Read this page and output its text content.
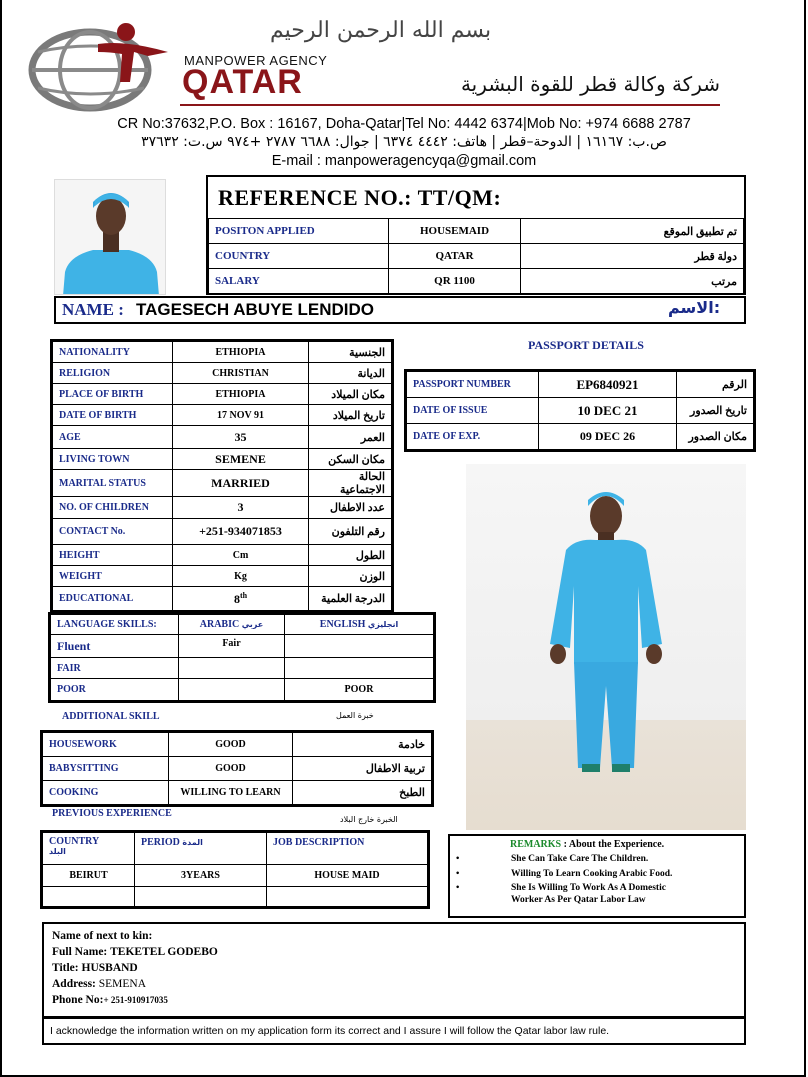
بسم الله الرحمن الرحيم
MANPOWER AGENCY
QATAR	شركة وكالة قطر للقوة البشرية
CR No:37632,P.O. Box : 16167, Doha-Qatar|Tel No: 4442 6374|Mob No: +974 6688 2787
ص.ب: ١٦١٦٧ | الدوحة–قطر | هاتف: ٤٤٤٢ ٦٣٧٤ | جوال: ٦٦٨٨ ٢٧٨٧ +٩٧٤ س.ت: ٣٧٦٣٢
E-mail : manpoweragencyqa@gmail.com
REFERENCE NO.: TT/QM:
POSITON APPLIED	HOUSEMAID	تم تطبيق الموقع
COUNTRY	QATAR	دولة قطر
SALARY	QR 1100	مرتب
NAME : TAGESECH ABUYE LENDIDO	الاسم:
NATIONALITY	ETHIOPIA	الجنسية
RELIGION	CHRISTIAN	الديانة
PLACE OF BIRTH	ETHIOPIA	مكان الميلاد
DATE OF BIRTH	17 NOV 91	تاريخ الميلاد
AGE	35	العمر
LIVING TOWN	SEMENE	مكان السكن
MARITAL STATUS	MARRIED	الحالة الاجتماعية
NO. OF CHILDREN	3	عدد الاطفال
CONTACT No.	+251-934071853	رقم التلفون
HEIGHT	Cm	الطول
WEIGHT	Kg	الوزن
EDUCATIONAL	8th	الدرجة العلمية
PASSPORT DETAILS
PASSPORT NUMBER	EP6840921	الرقم
DATE OF ISSUE	10 DEC 21	تاريخ الصدور
DATE OF EXP.	09 DEC 26	مكان الصدور
LANGUAGE SKILLS:	ARABIC عربي	ENGLISH انجليزي
Fluent	Fair	
FAIR		
POOR		POOR
ADDITIONAL SKILL	خبرة العمل
HOUSEWORK	GOOD	خادمة
BABYSITTING	GOOD	تربية الاطفال
COOKING	WILLING TO LEARN	الطبخ
PREVIOUS EXPERIENCE
الخبرة خارج البلاد
COUNTRY
البلد	PERIOD المدة	JOB DESCRIPTION
BEIRUT	3YEARS	HOUSE MAID

REMARKS : About the Experience.
•	She Can Take Care The Children.
•	Willing To Learn Cooking Arabic Food.
•	She Is Willing To Work As A Domestic
Worker As Per Qatar Labor Law
Name of next to kin:
Full Name: TEKETEL GODEBO
Title: HUSBAND
Address: SEMENA
Phone No:+ 251-910917035
I acknowledge the information written on my application form its correct and I assure I will follow the Qatar labor law rule.
